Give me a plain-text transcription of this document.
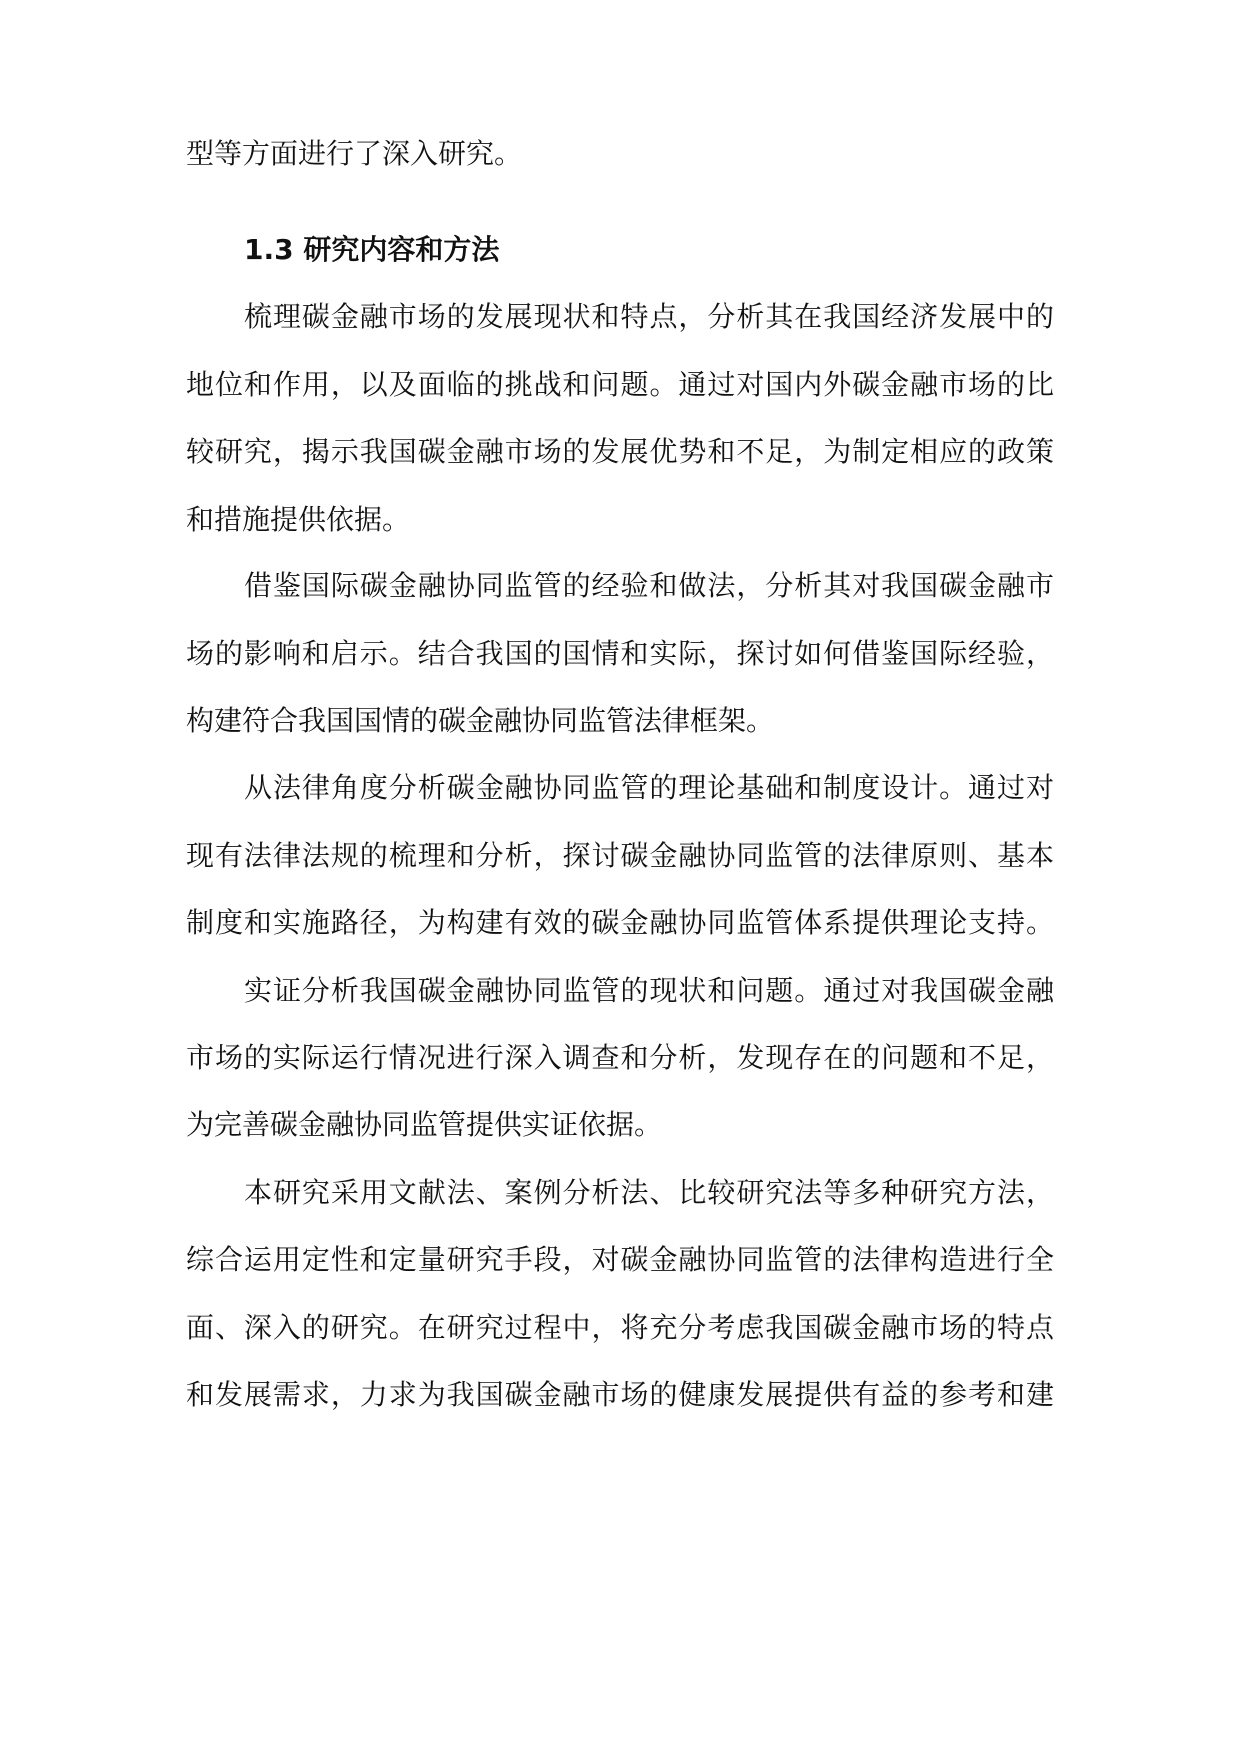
型等方面进行了深入研究。
1.3 研究内容和方法
梳理碳金融市场的发展现状和特点，分析其在我国经济发展中的
地位和作用，以及面临的挑战和问题。通过对国内外碳金融市场的比
较研究，揭示我国碳金融市场的发展优势和不足，为制定相应的政策
和措施提供依据。
借鉴国际碳金融协同监管的经验和做法，分析其对我国碳金融市
场的影响和启示。结合我国的国情和实际，探讨如何借鉴国际经验，
构建符合我国国情的碳金融协同监管法律框架。
从法律角度分析碳金融协同监管的理论基础和制度设计。通过对
现有法律法规的梳理和分析，探讨碳金融协同监管的法律原则、基本
制度和实施路径，为构建有效的碳金融协同监管体系提供理论支持。
实证分析我国碳金融协同监管的现状和问题。通过对我国碳金融
市场的实际运行情况进行深入调查和分析，发现存在的问题和不足，
为完善碳金融协同监管提供实证依据。
本研究采用文献法、案例分析法、比较研究法等多种研究方法，
综合运用定性和定量研究手段，对碳金融协同监管的法律构造进行全
面、深入的研究。在研究过程中，将充分考虑我国碳金融市场的特点
和发展需求，力求为我国碳金融市场的健康发展提供有益的参考和建
